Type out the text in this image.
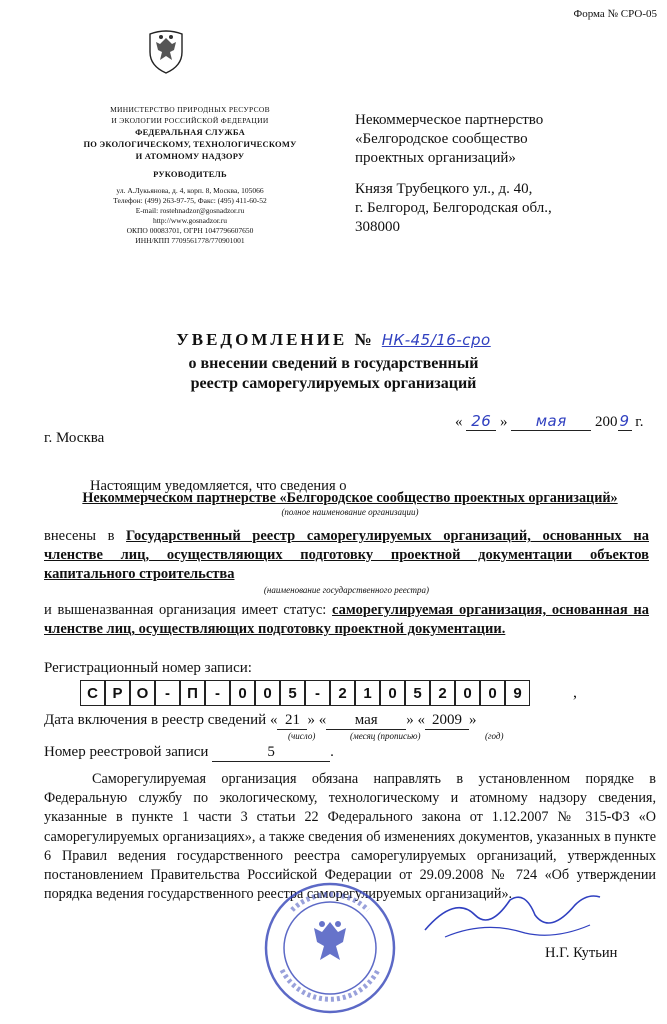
Форма № СРО-05
МИНИСТЕРСТВО ПРИРОДНЫХ РЕСУРСОВ
И ЭКОЛОГИИ РОССИЙСКОЙ ФЕДЕРАЦИИ
ФЕДЕРАЛЬНАЯ СЛУЖБА
ПО ЭКОЛОГИЧЕСКОМУ, ТЕХНОЛОГИЧЕСКОМУ
И АТОМНОМУ НАДЗОРУ
РУКОВОДИТЕЛЬ
ул. А.Лукьянова, д. 4, корп. 8, Москва, 105066
Телефон: (499) 263-97-75, Факс: (495) 411-60-52
E-mail: rostehnadzor@gosnadzor.ru
http://www.gosnadzor.ru
ОКПО 00083701, ОГРН 1047796607650
ИНН/КПП 7709561778/770901001
Некоммерческое партнерство
«Белгородское сообщество
проектных организаций»
Князя Трубецкого ул., д. 40,
г. Белгород, Белгородская обл.,
308000
УВЕДОМЛЕНИЕ № НК-45/16-сро
о внесении сведений в государственный
реестр саморегулируемых организаций
« 26 » мая 200 9 г.
г. Москва
Настоящим уведомляется, что сведения о
Некоммерческом партнерстве «Белгородское сообщество проектных организаций»
(полное наименование организации)
внесены в Государственный реестр саморегулируемых организаций, основанных на членстве лиц, осуществляющих подготовку проектной документации объектов капитального строительства
(наименование государственного реестра)
и вышеназванная организация имеет статус: саморегулируемая организация, основанная на членстве лиц, осуществляющих подготовку проектной документации.
Регистрационный номер записи:
С Р О	-	П	-	0	0	5	-	2	1	0	5	2	0	0	9	,
Дата включения в реестр сведений « 21 » « мая » « 2009 »
(число)	(месяц (прописью)	(год)
Номер реестровой записи	5	.
Саморегулируемая организация обязана направлять в установленном порядке в Федеральную службу по экологическому, технологическому и атомному надзору сведения, указанные в пункте 1 части 3 статьи 22 Федерального закона от 1.12.2007 № 315-ФЗ «О саморегулируемых организациях», а также сведения об изменениях документов, указанных в пункте 6 Правил ведения государственного реестра саморегулируемых организаций, утвержденных постановлением Правительства Российской Федерации от 29.09.2008 № 724 «Об утверждении порядка ведения государственного реестра саморегулируемых организаций».
Н.Г. Кутьин
